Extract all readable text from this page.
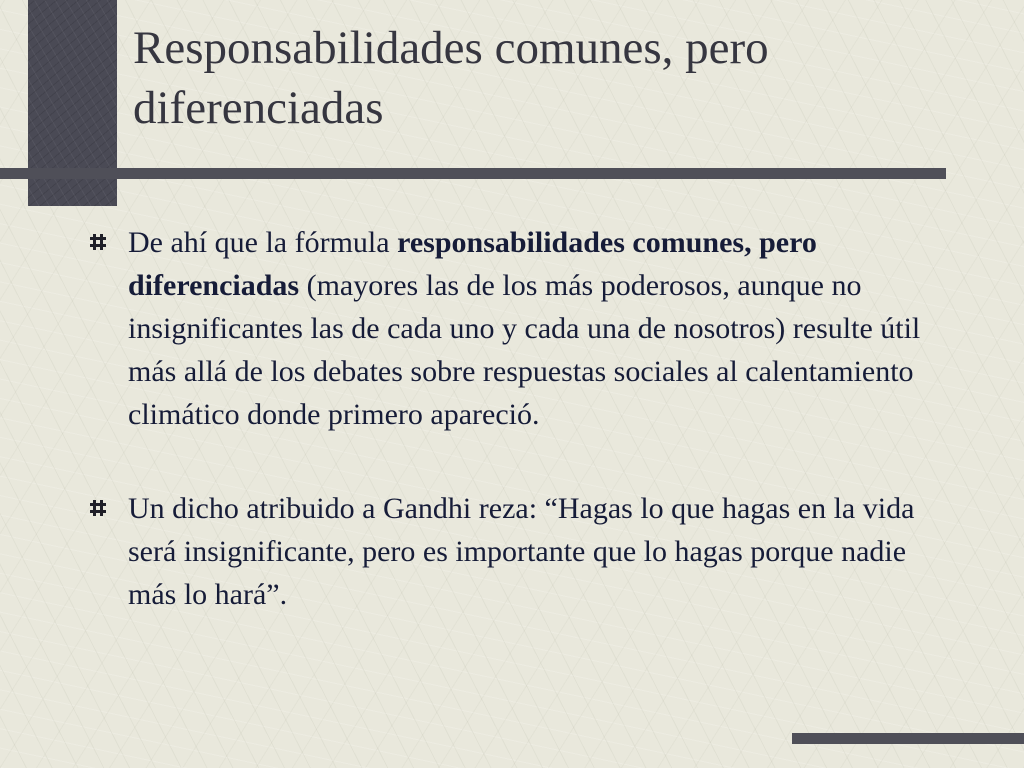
Responsabilidades comunes, pero diferenciadas
De ahí que la fórmula responsabilidades comunes, pero diferenciadas (mayores las de los más poderosos, aunque no insignificantes las de cada uno y cada una de nosotros) resulte útil más allá de los debates sobre respuestas sociales al calentamiento climático donde primero apareció.
Un dicho atribuido a Gandhi reza: “Hagas lo que hagas en la vida será insignificante, pero es importante que lo hagas porque nadie más lo hará”.
